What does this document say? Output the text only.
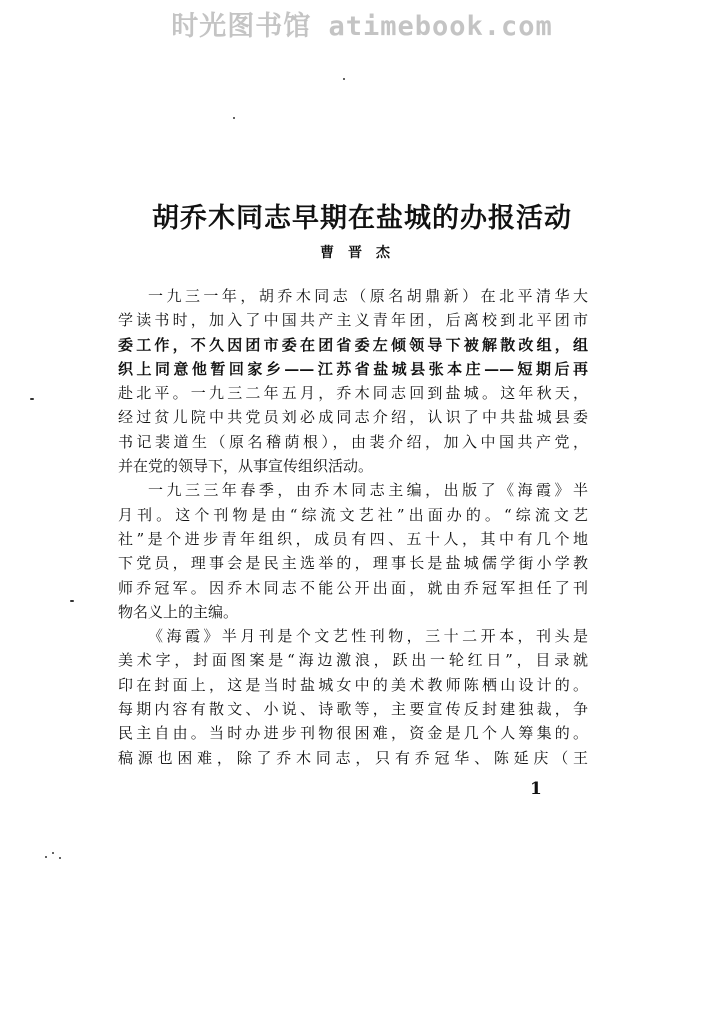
时光图书馆 atimebook.com
胡乔木同志早期在盐城的办报活动
曹晋杰
一九三一年，胡乔木同志（原名胡鼎新）在北平清华大
学读书时，加入了中国共产主义青年团，后离校到北平团市
委工作，不久因团市委在团省委左倾领导下被解散改组，组
织上同意他暂回家乡——江苏省盐城县张本庄——短期后再
赴北平。一九三二年五月，乔木同志回到盐城。这年秋天，
经过贫儿院中共党员刘必成同志介绍，认识了中共盐城县委
书记裴道生（原名稽荫根），由裴介绍，加入中国共产党，
并在党的领导下，从事宣传组织活动。
一九三三年春季，由乔木同志主编，出版了《海霞》半
月刊。这个刊物是由“综流文艺社”出面办的。“综流文艺
社”是个进步青年组织，成员有四、五十人，其中有几个地
下党员，理事会是民主选举的，理事长是盐城儒学街小学教
师乔冠军。因乔木同志不能公开出面，就由乔冠军担任了刊
物名义上的主编。
《海霞》半月刊是个文艺性刊物，三十二开本，刊头是
美术字，封面图案是“海边激浪，跃出一轮红日”，目录就
印在封面上，这是当时盐城女中的美术教师陈栖山设计的。
每期内容有散文、小说、诗歌等，主要宣传反封建独裁，争
民主自由。当时办进步刊物很困难，资金是几个人筹集的。
稿源也困难，除了乔木同志，只有乔冠华、陈延庆（王
1
